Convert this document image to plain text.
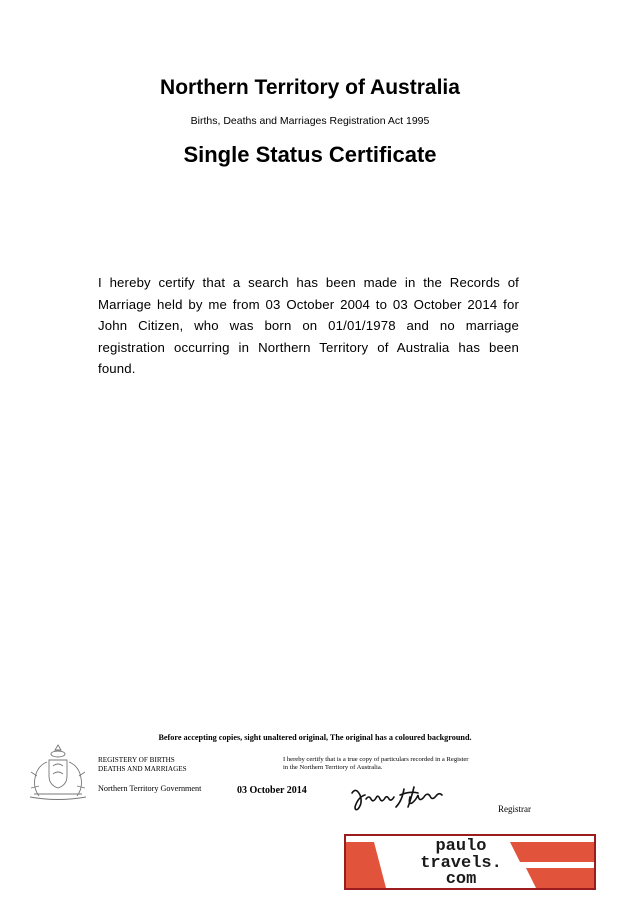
Northern Territory of Australia
Births, Deaths and Marriages Registration Act 1995
Single Status Certificate
I hereby certify that a search has been made in the Records of Marriage held by me from 03 October 2004 to 03 October 2014 for John Citizen, who was born on 01/01/1978 and no marriage registration occurring in Northern Territory of Australia has been found.
Before accepting copies, sight unaltered original, The original has a coloured background.
REGISTERY OF BIRTHS
DEATHS AND MARRIAGES
Northern Territory Government	03 October 2014
I hereby certify that is a true copy of particulars recorded in a Register in the Northern Territory of Australia.
Registrar
paulo
travels.
com
